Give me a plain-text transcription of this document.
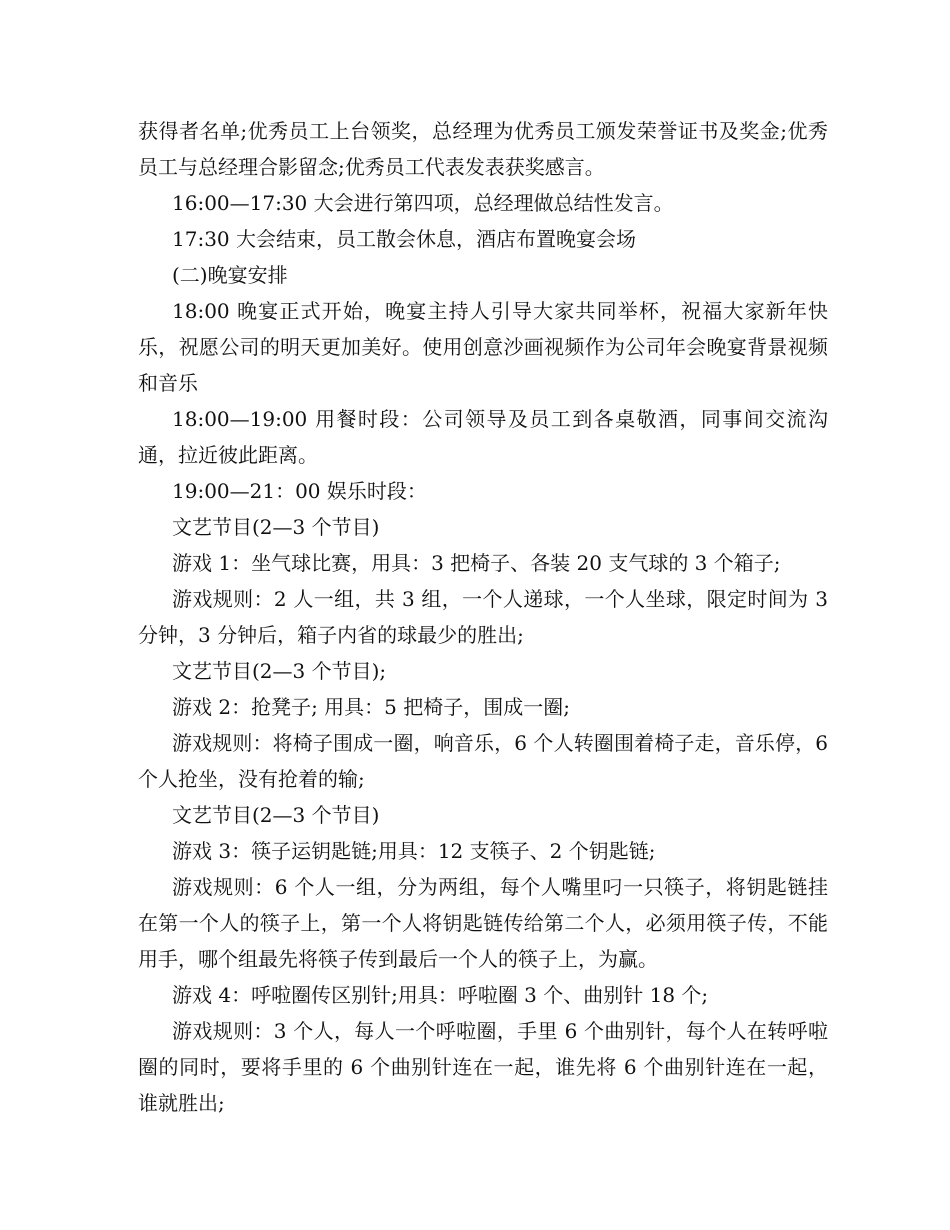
获得者名单;优秀员工上台领奖，总经理为优秀员工颁发荣誉证书及奖金;优秀员工与总经理合影留念;优秀员工代表发表获奖感言。

16:00—17:30 大会进行第四项，总经理做总结性发言。

17:30 大会结束，员工散会休息，酒店布置晚宴会场

(二)晚宴安排

18:00 晚宴正式开始，晚宴主持人引导大家共同举杯，祝福大家新年快乐，祝愿公司的明天更加美好。使用创意沙画视频作为公司年会晚宴背景视频和音乐

18:00—19:00 用餐时段：公司领导及员工到各桌敬酒，同事间交流沟通，拉近彼此距离。

19:00—21：00 娱乐时段：

文艺节目(2—3 个节目)

游戏 1：坐气球比赛，用具：3 把椅子、各装 20 支气球的 3 个箱子;

游戏规则：2 人一组，共 3 组，一个人递球，一个人坐球，限定时间为 3 分钟，3 分钟后，箱子内省的球最少的胜出;

文艺节目(2—3 个节目);

游戏 2：抢凳子; 用具：5 把椅子，围成一圈;

游戏规则：将椅子围成一圈，响音乐，6 个人转圈围着椅子走，音乐停，6 个人抢坐，没有抢着的输;

文艺节目(2—3 个节目)

游戏 3：筷子运钥匙链;用具：12 支筷子、2 个钥匙链;

游戏规则：6 个人一组，分为两组，每个人嘴里叼一只筷子，将钥匙链挂在第一个人的筷子上，第一个人将钥匙链传给第二个人，必须用筷子传，不能用手，哪个组最先将筷子传到最后一个人的筷子上，为赢。

游戏 4：呼啦圈传区别针;用具：呼啦圈 3 个、曲别针 18 个;

游戏规则：3 个人，每人一个呼啦圈，手里 6 个曲别针，每个人在转呼啦圈的同时，要将手里的 6 个曲别针连在一起，谁先将 6 个曲别针连在一起，谁就胜出;
